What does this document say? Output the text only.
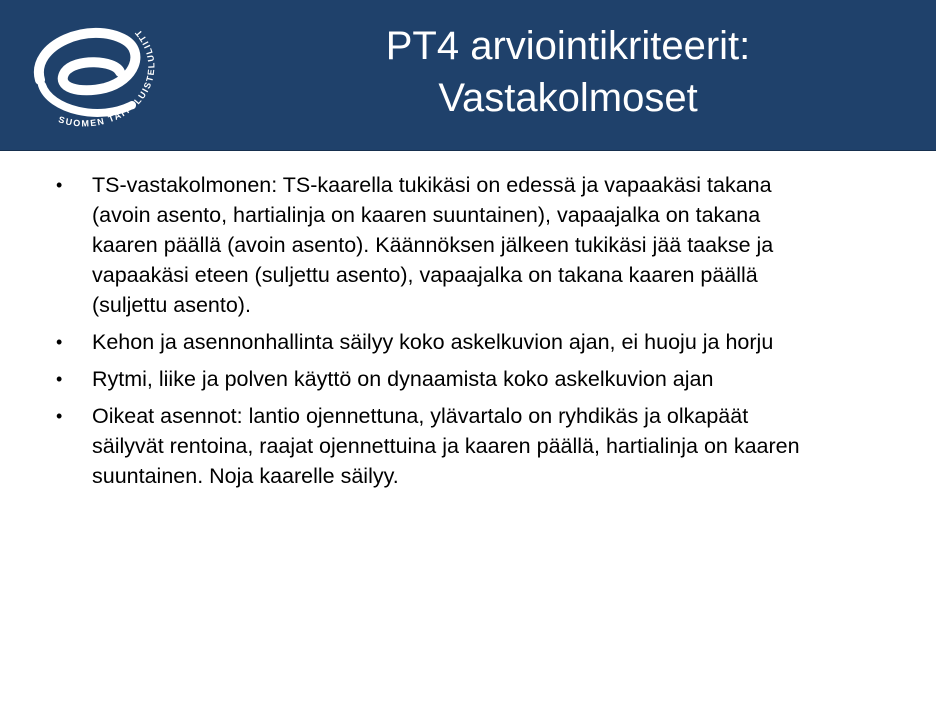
SUOMEN TAITOLUISTELULIITT	PT4 arviointikriteerit:
Vastakolmoset
• TS-vastakolmonen: TS-kaarella tukikäsi on edessä ja vapaakäsi takana (avoin asento, hartialinja on kaaren suuntainen), vapaajalka on takana kaaren päällä (avoin asento). Käännöksen jälkeen tukikäsi jää taakse ja vapaakäsi eteen (suljettu asento), vapaajalka on takana kaaren päällä (suljettu asento).
• Kehon ja asennonhallinta säilyy koko askelkuvion ajan, ei huoju ja horju
• Rytmi, liike ja polven käyttö on dynaamista koko askelkuvion ajan
• Oikeat asennot: lantio ojennettuna, ylävartalo on ryhdikäs ja olkapäät säilyvät rentoina, raajat ojennettuina ja kaaren päällä, hartialinja on kaaren suuntainen. Noja kaarelle säilyy.
